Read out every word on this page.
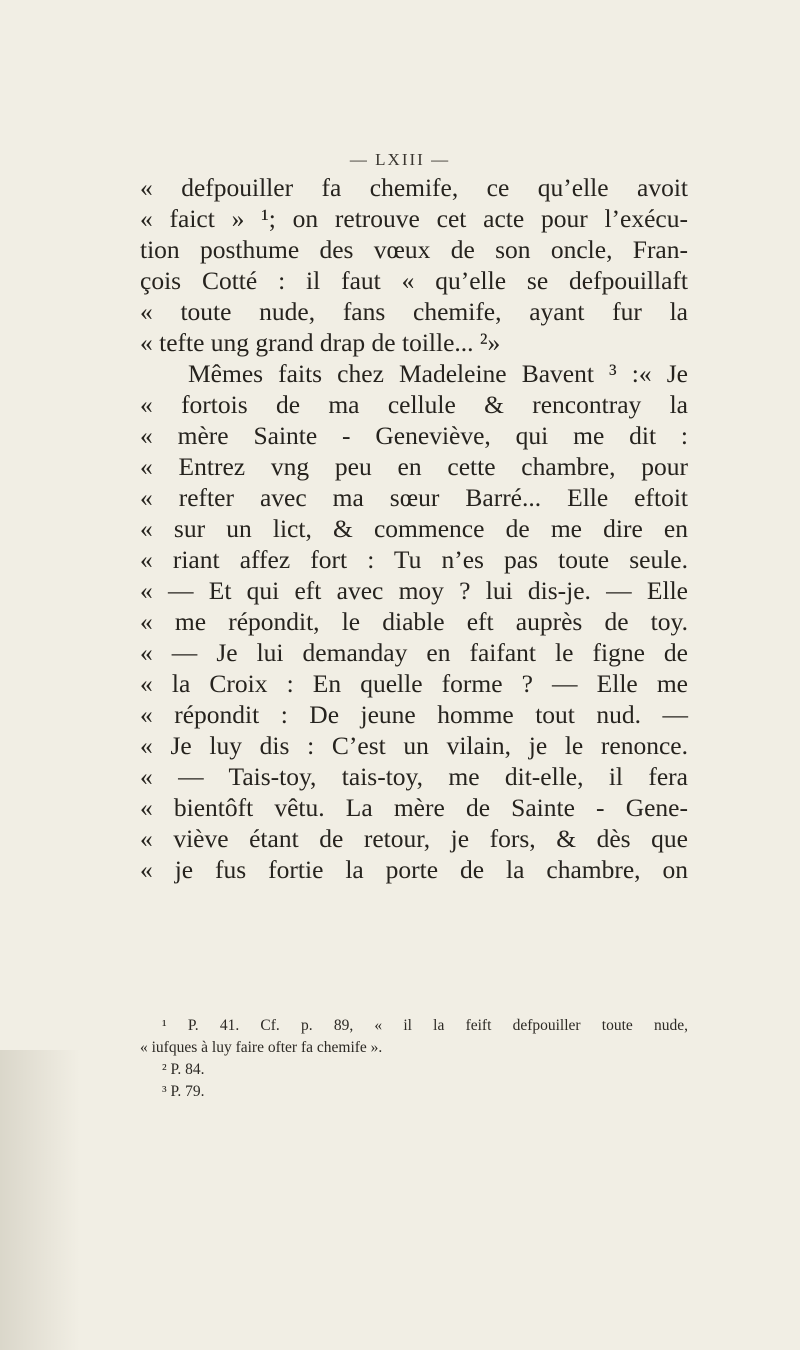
— LXIII —
« defpouiller fa chemife, ce qu’elle avoit
« faict » ¹; on retrouve cet acte pour l’exécu-
tion posthume des vœux de son oncle, Fran-
çois Cotté : il faut « qu’elle se defpouillaft
« toute nude, fans chemife, ayant fur la
« tefte ung grand drap de toille... ²»
Mêmes faits chez Madeleine Bavent ³ :« Je
« fortois de ma cellule & rencontray la
« mère Sainte - Geneviève, qui me dit :
« Entrez vng peu en cette chambre, pour
« refter avec ma sœur Barré... Elle eftoit
« sur un lict, & commence de me dire en
« riant affez fort : Tu n’es pas toute seule.
« — Et qui eft avec moy ? lui dis-je. — Elle
« me répondit, le diable eft auprès de toy.
« — Je lui demanday en faifant le figne de
« la Croix : En quelle forme ? — Elle me
« répondit : De jeune homme tout nud. —
« Je luy dis : C’est un vilain, je le renonce.
« — Tais-toy, tais-toy, me dit-elle, il fera
« bientôft vêtu. La mère de Sainte - Gene-
« viève étant de retour, je fors, & dès que
« je fus fortie la porte de la chambre, on
¹ P. 41. Cf. p. 89, « il la feift defpouiller toute nude,
« iufques à luy faire ofter fa chemife ».
² P. 84.
³ P. 79.
